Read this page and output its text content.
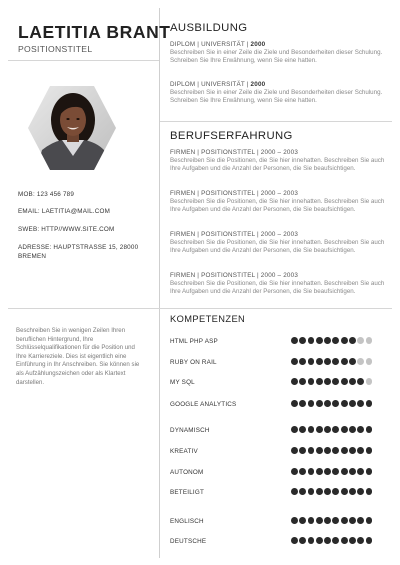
LAETITIA BRANT
POSITIONSTITEL
MOB: 123 456 789
EMAIL: LAETITIA@MAIL.COM
SWEB: HTTP//WWW.SITE.COM
ADRESSE: HAUPTSTRASSE 15, 28000 BREMEN
Beschreiben Sie in wenigen Zeilen Ihren beruflichen Hintergrund, Ihre Schlüsselqualifikationen für die Position und Ihre Karriereziele. Dies ist eigentlich eine Einführung in Ihr Anschreiben. Sie können sie als Aufzählungszeichen oder als Klartext darstellen.
AUSBILDUNG
DIPLOM | UNIVERSITÄT | 2000
Beschreiben Sie in einer Zeile die Ziele und Besonderheiten dieser Schulung. Schreiben Sie Ihre Erwähnung, wenn Sie eine hatten.
DIPLOM | UNIVERSITÄT | 2000
Beschreiben Sie in einer Zeile die Ziele und Besonderheiten dieser Schulung. Schreiben Sie Ihre Erwähnung, wenn Sie eine hatten.
BERUFSERFAHRUNG
FIRMEN | POSITIONSTITEL | 2000 – 2003
Beschreiben Sie die Positionen, die Sie hier innehatten. Beschreiben Sie auch Ihre Aufgaben und die Anzahl der Personen, die Sie beaufsichtigen.
FIRMEN | POSITIONSTITEL | 2000 – 2003
Beschreiben Sie die Positionen, die Sie hier innehatten. Beschreiben Sie auch Ihre Aufgaben und die Anzahl der Personen, die Sie beaufsichtigen.
FIRMEN | POSITIONSTITEL | 2000 – 2003
Beschreiben Sie die Positionen, die Sie hier innehatten. Beschreiben Sie auch Ihre Aufgaben und die Anzahl der Personen, die Sie beaufsichtigen.
FIRMEN | POSITIONSTITEL | 2000 – 2003
Beschreiben Sie die Positionen, die Sie hier innehatten. Beschreiben Sie auch Ihre Aufgaben und die Anzahl der Personen, die Sie beaufsichtigen.
KOMPETENZEN
HTML PHP ASP
RUBY ON RAIL
MY SQL
GOOGLE ANALYTICS
DYNAMISCH
KREATIV
AUTONOM
BETEILIGT
ENGLISCH
DEUTSCHE
